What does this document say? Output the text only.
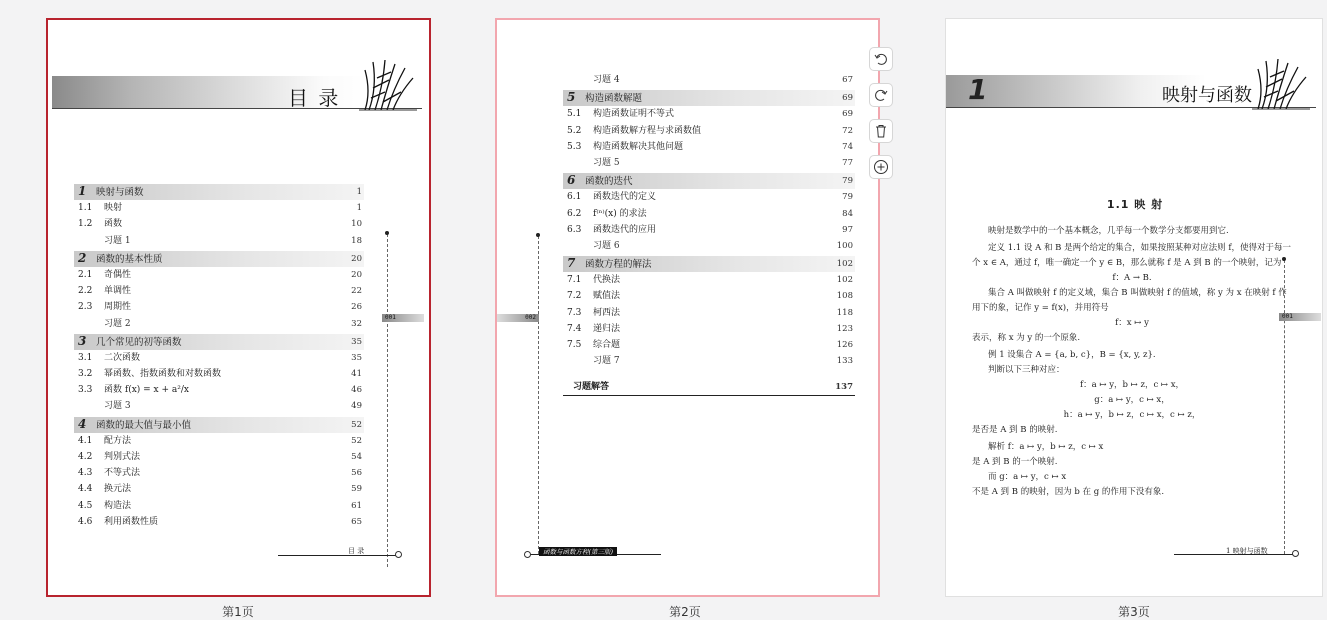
目 录
1 映射与函数	1
1.1 映射	1
1.2 函数	10
习题 1	18
2 函数的基本性质	20
2.1 奇偶性	20
2.2 单调性	22
2.3 周期性	26
习题 2	32
3 几个常见的初等函数	35
3.1 二次函数	35
3.2 幂函数、指数函数和对数函数	41
3.3 函数 f(x) = x + a²/x	46
习题 3	49
4 函数的最大值与最小值	52
4.1 配方法	52
4.2 判别式法	54
4.3 不等式法	56
4.4 换元法	59
4.5 构造法	61
4.6 利用函数性质	65
001
目 录
第1页
习题 4	67
5 构造函数解题	69
5.1 构造函数证明不等式	69
5.2 构造函数解方程与求函数值	72
5.3 构造函数解决其他问题	74
习题 5	77
6 函数的迭代	79
6.1 函数迭代的定义	79
6.2 f⁽ⁿ⁾(x) 的求法	84
6.3 函数迭代的应用	97
习题 6	100
7 函数方程的解法	102
7.1 代换法	102
7.2 赋值法	108
7.3 柯西法	118
7.4 递归法	123
7.5 综合题	126
习题 7	133
习题解答	137
002
函数与函数方程(第三版)
第2页
1	映射与函数
1.1 映 射

映射是数学中的一个基本概念，几乎每一个数学分支都要用到它.

定义 1.1 设 A 和 B 是两个给定的集合，如果按照某种对应法则 f，使得对于每一个 x ∈ A，通过 f，唯一确定一个 y ∈ B，那么就称 f 是 A 到 B 的一个映射，记为

f：A → B.

集合 A 叫做映射 f 的定义域，集合 B 叫做映射 f 的值域，称 y 为 x 在映射 f 作用下的象，记作 y = f(x)，并用符号

f：x ↦ y

表示，称 x 为 y 的一个原象.

例 1 设集合 A = {a, b, c}，B = {x, y, z}.

判断以下三种对应：

f：a ↦ y，b ↦ z，c ↦ x，

g：a ↦ y，c ↦ x，

h：a ↦ y，b ↦ z，c ↦ x，c ↦ z，

是否是 A 到 B 的映射.

解析 f：a ↦ y，b ↦ z，c ↦ x

是 A 到 B 的一个映射.

而 g：a ↦ y，c ↦ x

不是 A 到 B 的映射，因为 b 在 g 的作用下没有象.

001
1 映射与函数
第3页
